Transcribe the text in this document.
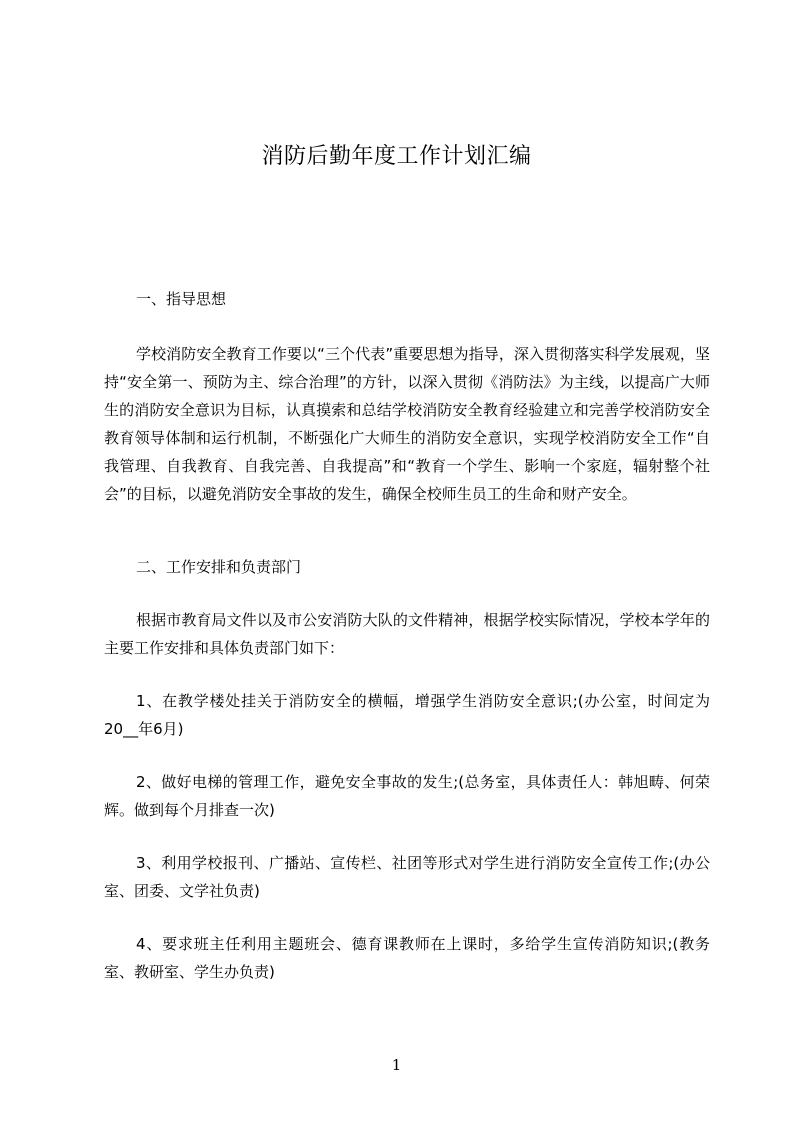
消防后勤年度工作计划汇编
一、指导思想

学校消防安全教育工作要以“三个代表”重要思想为指导，深入贯彻落实科学发展观，坚持“安全第一、预防为主、综合治理”的方针，以深入贯彻《消防法》为主线，以提高广大师生的消防安全意识为目标，认真摸索和总结学校消防安全教育经验建立和完善学校消防安全教育领导体制和运行机制，不断强化广大师生的消防安全意识，实现学校消防安全工作“自我管理、自我教育、自我完善、自我提高”和“教育一个学生、影响一个家庭，辐射整个社会”的目标，以避免消防安全事故的发生，确保全校师生员工的生命和财产安全。

二、工作安排和负责部门

根据市教育局文件以及市公安消防大队的文件精神，根据学校实际情况，学校本学年的主要工作安排和具体负责部门如下：

1、在教学楼处挂关于消防安全的横幅，增强学生消防安全意识;(办公室，时间定为20__年6月)

2、做好电梯的管理工作，避免安全事故的发生;(总务室，具体责任人：韩旭畴、何荣辉。做到每个月排查一次)

3、利用学校报刊、广播站、宣传栏、社团等形式对学生进行消防安全宣传工作;(办公室、团委、文学社负责)

4、要求班主任利用主题班会、德育课教师在上课时，多给学生宣传消防知识;(教务室、教研室、学生办负责)

1
